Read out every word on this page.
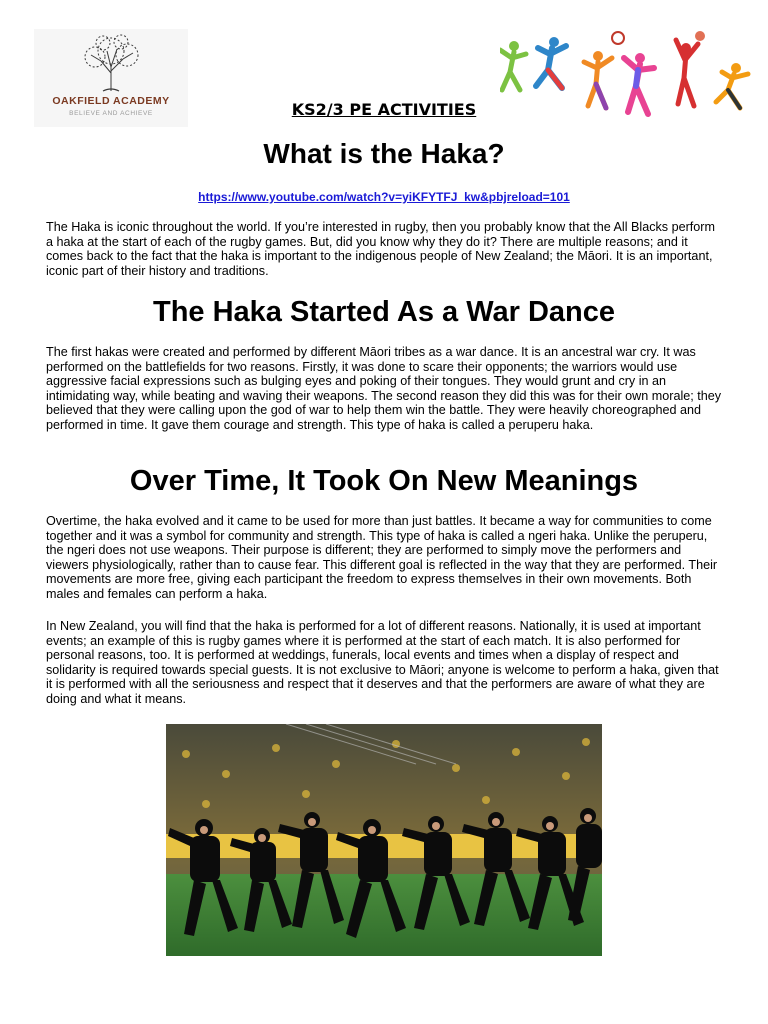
OAKFIELD ACADEMY
BELIEVE AND ACHIEVE	KS2/3 PE ACTIVITIES
What is the Haka?
https://www.youtube.com/watch?v=yiKFYTFJ_kw&pbjreload=101

The Haka is iconic throughout the world. If you’re interested in rugby, then you probably know that the All Blacks perform a haka at the start of each of the rugby games. But, did you know why they do it? There are multiple reasons; and it comes back to the fact that the haka is important to the indigenous people of New Zealand; the Māori. It is an important, iconic part of their history and traditions.

The Haka Started As a War Dance

The first hakas were created and performed by different Māori tribes as a war dance. It is an ancestral war cry. It was performed on the battlefields for two reasons. Firstly, it was done to scare their opponents; the warriors would use aggressive facial expressions such as bulging eyes and poking of their tongues. They would grunt and cry in an intimidating way, while beating and waving their weapons. The second reason they did this was for their own morale; they believed that they were calling upon the god of war to help them win the battle. They were heavily choreographed and performed in time. It gave them courage and strength. This type of haka is called a peruperu haka.

Over Time, It Took On New Meanings

Overtime, the haka evolved and it came to be used for more than just battles. It became a way for communities to come together and it was a symbol for community and strength. This type of haka is called a ngeri haka. Unlike the peruperu, the ngeri does not use weapons. Their purpose is different; they are performed to simply move the performers and viewers physiologically, rather than to cause fear. This different goal is reflected in the way that they are performed. Their movements are more free, giving each participant the freedom to express themselves in their own movements. Both males and females can perform a haka.

In New Zealand, you will find that the haka is performed for a lot of different reasons. Nationally, it is used at important events; an example of this is rugby games where it is performed at the start of each match. It is also performed for personal reasons, too. It is performed at weddings, funerals, local events and times when a display of respect and solidarity is required towards special guests. It is not exclusive to Māori; anyone is welcome to perform a haka, given that it is performed with all the seriousness and respect that it deserves and that the performers are aware of what they are doing and what it means.
